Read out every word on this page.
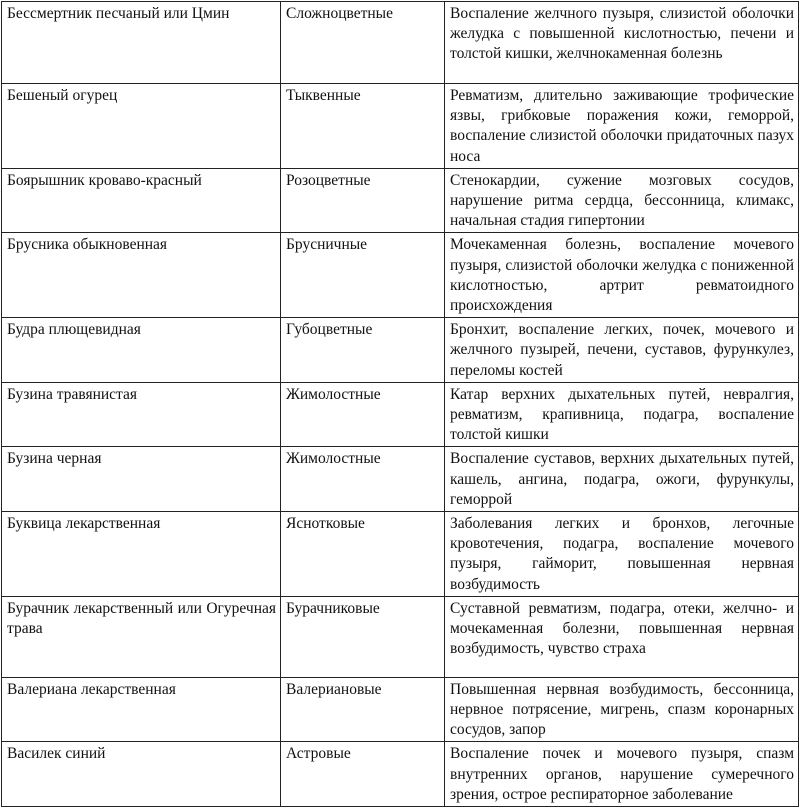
Бессмертник песчаный или Цмин	Сложноцветные	Воспаление желчного пузыря, слизистой оболочки желудка с повышенной кислотностью, печени и толстой кишки, желчнокаменная болезнь
Бешеный огурец	Тыквенные	Ревматизм, длительно заживающие трофические язвы, грибковые поражения кожи, геморрой, воспаление слизистой оболочки придаточных пазух носа
Боярышник кроваво-красный	Розоцветные	Стенокардии, сужение мозговых сосудов, нарушение ритма сердца, бессонница, климакс, начальная стадия гипертонии
Брусника обыкновенная	Брусничные	Мочекаменная болезнь, воспаление мочевого пузыря, слизистой оболочки желудка с пониженной кислотностью, артрит ревматоидного происхождения
Будра плющевидная	Губоцветные	Бронхит, воспаление легких, почек, мочевого и желчного пузырей, печени, суставов, фурункулез, переломы костей
Бузина травянистая	Жимолостные	Катар верхних дыхательных путей, невралгия, ревматизм, крапивница, подагра, воспаление толстой кишки
Бузина черная	Жимолостные	Воспаление суставов, верхних дыхательных путей, кашель, ангина, подагра, ожоги, фурункулы, геморрой
Буквица лекарственная	Яснотковые	Заболевания легких и бронхов, легочные кровотечения, подагра, воспаление мочевого пузыря, гайморит, повышенная нервная возбудимость
Бурачник лекарственный или Огуречная трава	Бурачниковые	Суставной ревматизм, подагра, отеки, желчно- и мочекаменная болезни, повышенная нервная возбудимость, чувство страха
Валериана лекарственная	Валериановые	Повышенная нервная возбудимость, бессонница, нервное потрясение, мигрень, спазм коронарных сосудов, запор
Василек синий	Астровые	Воспаление почек и мочевого пузыря, спазм внутренних органов, нарушение сумеречного зрения, острое респираторное заболевание
